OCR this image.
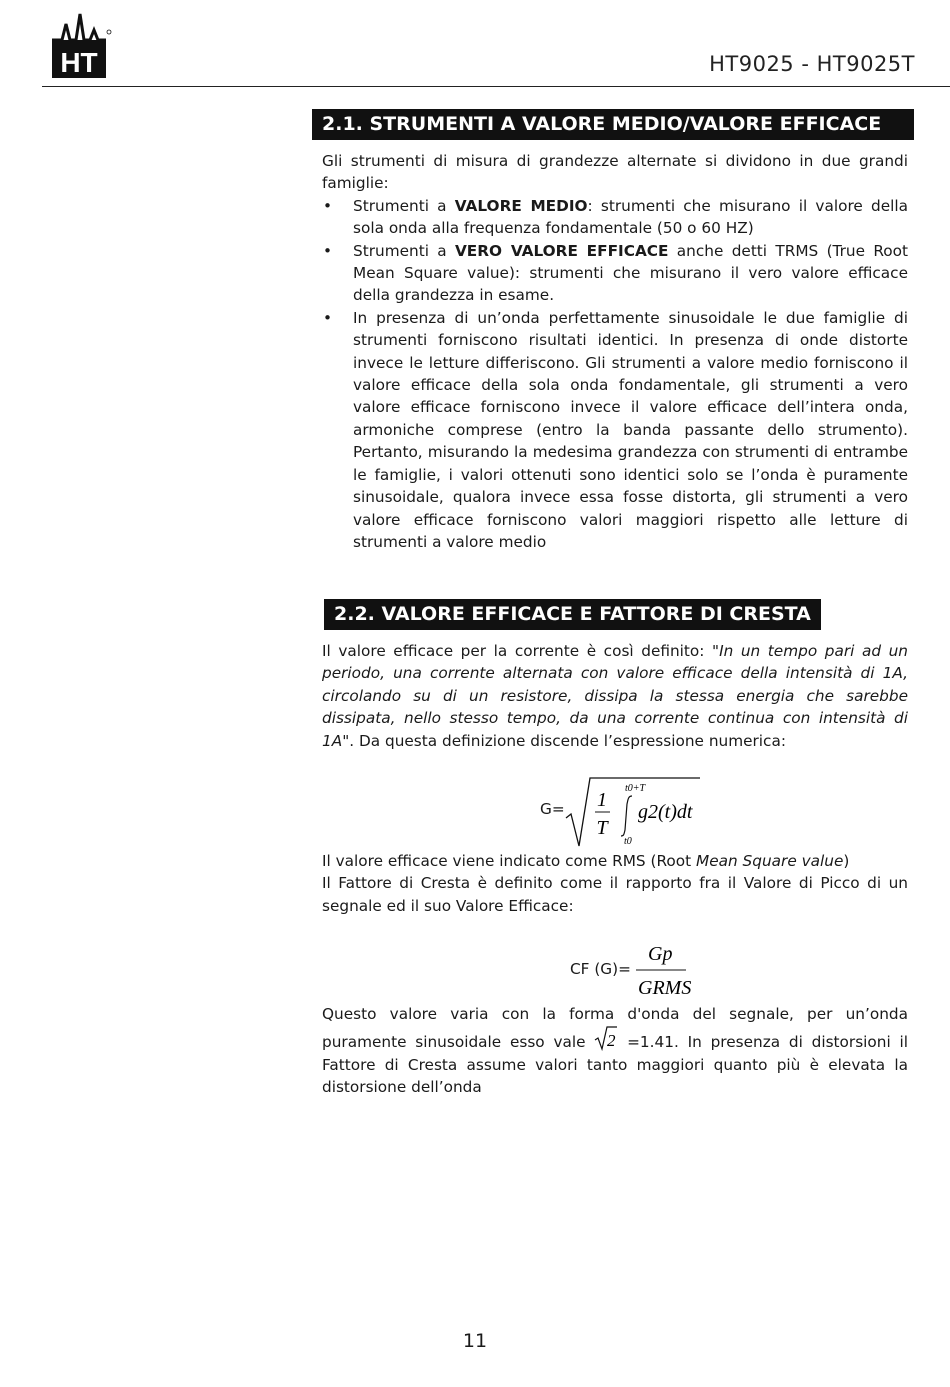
HT	HT9025 - HT9025T
2.1. STRUMENTI A VALORE MEDIO/VALORE EFFICACE
Gli strumenti di misura di grandezze alternate si dividono in due grandi famiglie:
• Strumenti a VALORE MEDIO: strumenti che misurano il valore della sola onda alla frequenza fondamentale (50 o 60 HZ)
• Strumenti a VERO VALORE EFFICACE anche detti TRMS (True Root Mean Square value): strumenti che misurano il vero valore efficace della grandezza in esame.
• In presenza di un’onda perfettamente sinusoidale le due famiglie di strumenti forniscono risultati identici. In presenza di onde distorte invece le letture differiscono. Gli strumenti a valore medio forniscono il valore efficace della sola onda fondamentale, gli strumenti a vero valore efficace forniscono invece il valore efficace dell’intera onda, armoniche comprese (entro la banda passante dello strumento). Pertanto, misurando la medesima grandezza con strumenti di entrambe le famiglie, i valori ottenuti sono identici solo se l’onda è puramente sinusoidale, qualora invece essa fosse distorta, gli strumenti a vero valore efficace forniscono valori maggiori rispetto alle letture di strumenti a valore medio
2.2. VALORE EFFICACE E FATTORE DI CRESTA
Il valore efficace per la corrente è così definito: "In un tempo pari ad un periodo, una corrente alternata con valore efficace della intensità di 1A, circolando su di un resistore, dissipa la stessa energia che sarebbe dissipata, nello stesso tempo, da una corrente continua con intensità di 1A". Da questa definizione discende l’espressione numerica:
G= 1
T
t0+T
t0
g2(t)dt
Il valore efficace viene indicato come RMS (Root Mean Square value)
Il Fattore di Cresta è definito come il rapporto fra il Valore di Picco di un segnale ed il suo Valore Efficace:
CF (G)=
Gp
GRMS
Questo valore varia con la forma d'onda del segnale, per un’onda puramente sinusoidale esso vale 2 =1.41. In presenza di distorsioni il Fattore di Cresta assume valori tanto maggiori quanto più è elevata la distorsione dell’onda
11
